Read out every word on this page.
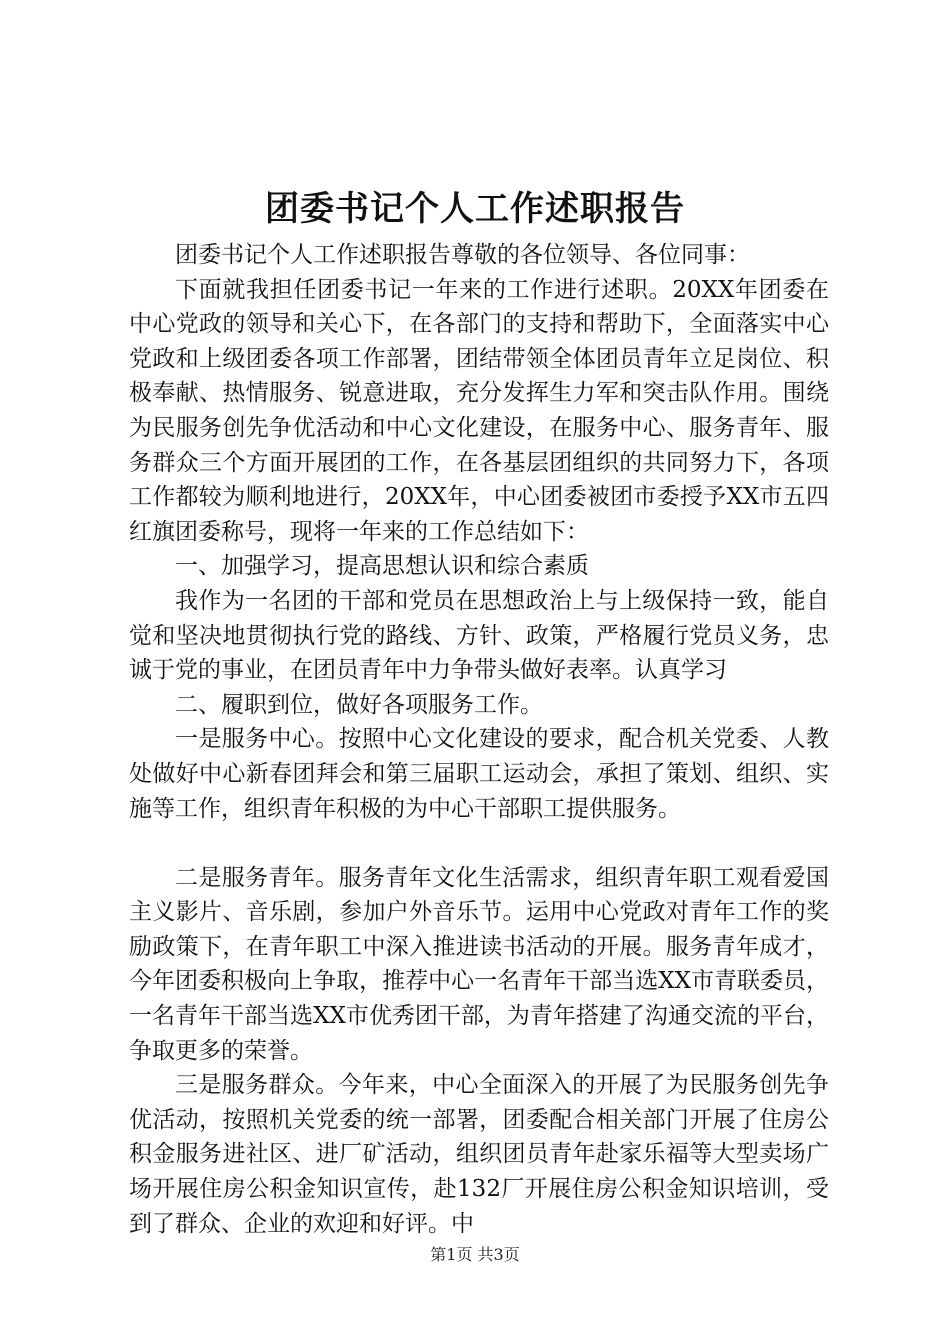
团委书记个人工作述职报告

团委书记个人工作述职报告尊敬的各位领导、各位同事：

下面就我担任团委书记一年来的工作进行述职。20XX年团委在中心党政的领导和关心下，在各部门的支持和帮助下，全面落实中心党政和上级团委各项工作部署，团结带领全体团员青年立足岗位、积极奉献、热情服务、锐意进取，充分发挥生力军和突击队作用。围绕为民服务创先争优活动和中心文化建设，在服务中心、服务青年、服务群众三个方面开展团的工作，在各基层团组织的共同努力下，各项工作都较为顺利地进行，20XX年，中心团委被团市委授予XX市五四红旗团委称号，现将一年来的工作总结如下：

一、加强学习，提高思想认识和综合素质

我作为一名团的干部和党员在思想政治上与上级保持一致，能自觉和坚决地贯彻执行党的路线、方针、政策，严格履行党员义务，忠诚于党的事业，在团员青年中力争带头做好表率。认真学习

二、履职到位，做好各项服务工作。

一是服务中心。按照中心文化建设的要求，配合机关党委、人教处做好中心新春团拜会和第三届职工运动会，承担了策划、组织、实施等工作，组织青年积极的为中心干部职工提供服务。

二是服务青年。服务青年文化生活需求，组织青年职工观看爱国主义影片、音乐剧，参加户外音乐节。运用中心党政对青年工作的奖励政策下，在青年职工中深入推进读书活动的开展。服务青年成才，今年团委积极向上争取，推荐中心一名青年干部当选XX市青联委员，一名青年干部当选XX市优秀团干部，为青年搭建了沟通交流的平台，争取更多的荣誉。

三是服务群众。今年来，中心全面深入的开展了为民服务创先争优活动，按照机关党委的统一部署，团委配合相关部门开展了住房公积金服务进社区、进厂矿活动，组织团员青年赴家乐福等大型卖场广场开展住房公积金知识宣传，赴132厂开展住房公积金知识培训，受到了群众、企业的欢迎和好评。中

第1页 共3页
